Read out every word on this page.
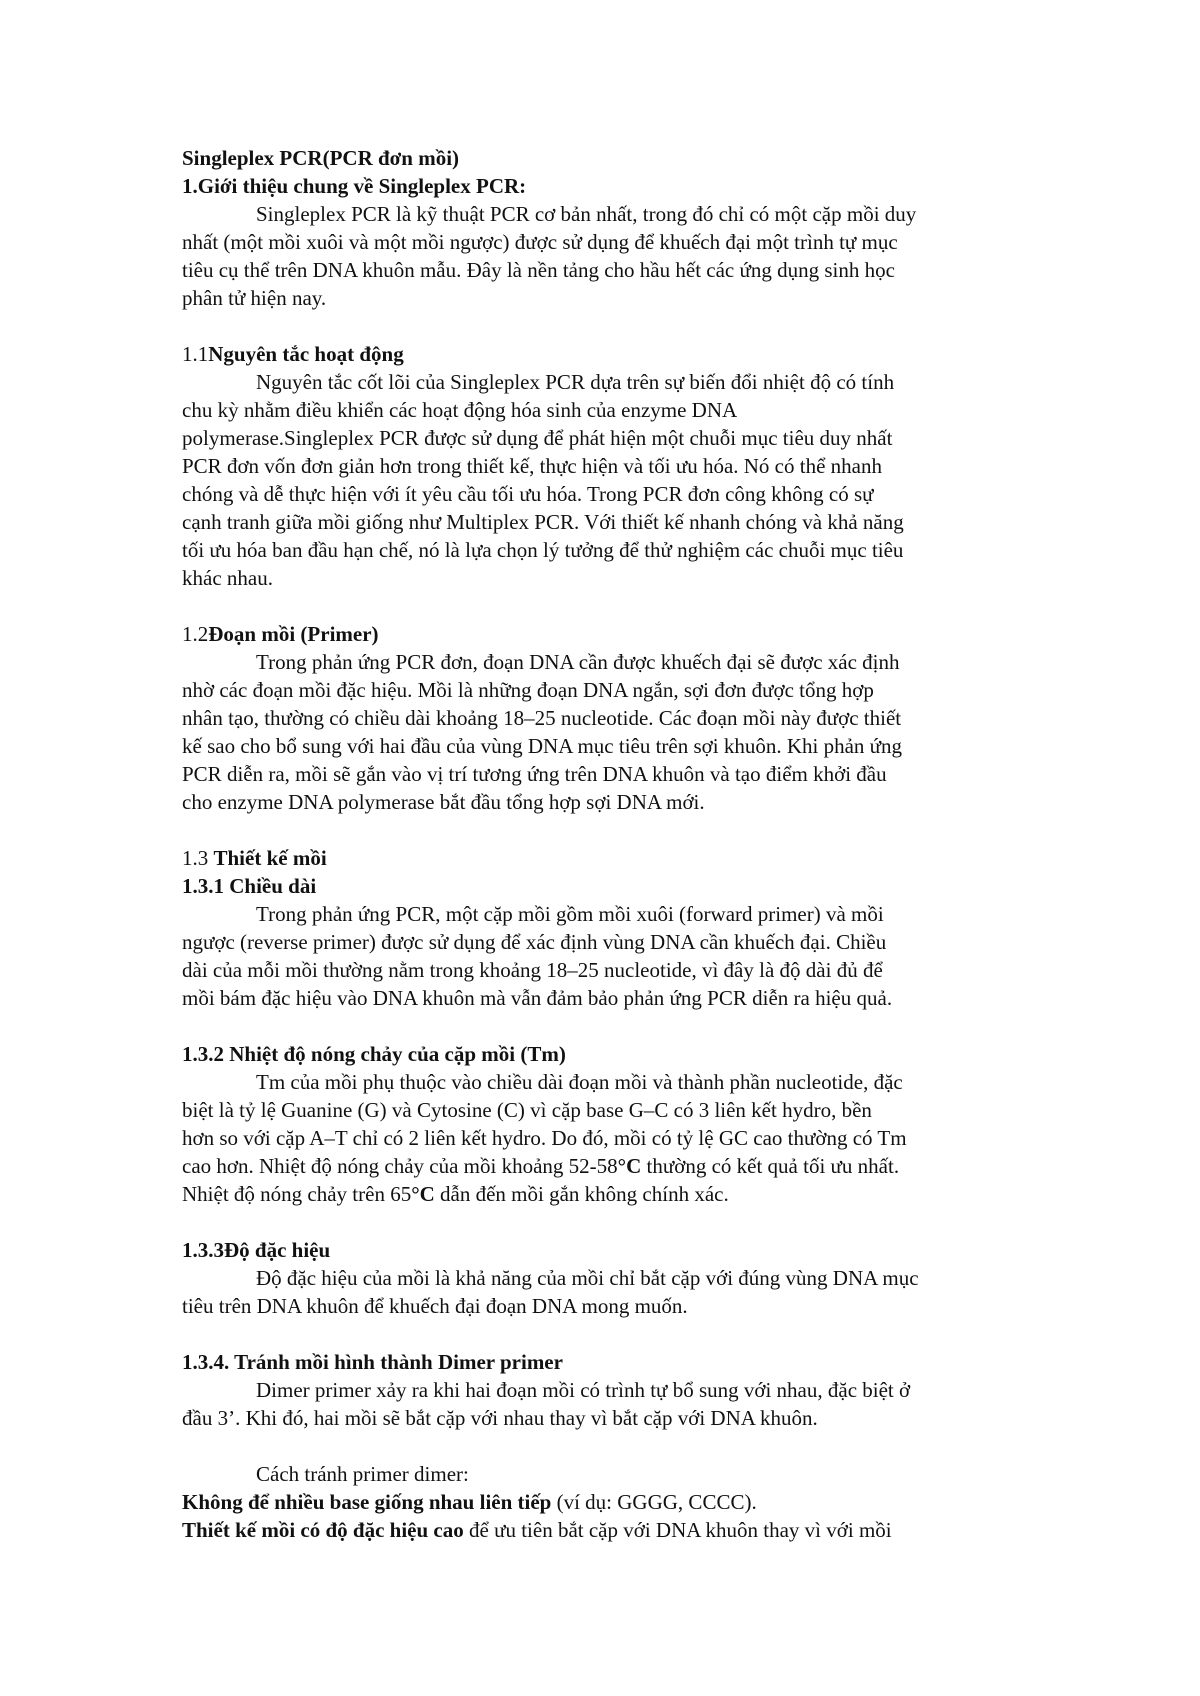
Singleplex PCR(PCR đơn mồi)
1.Giới thiệu chung về Singleplex PCR:
Singleplex PCR là kỹ thuật PCR cơ bản nhất, trong đó chỉ có một cặp mồi duy
nhất (một mồi xuôi và một mồi ngược) được sử dụng để khuếch đại một trình tự mục
tiêu cụ thể trên DNA khuôn mẫu. Đây là nền tảng cho hầu hết các ứng dụng sinh học
phân tử hiện nay.
1.1Nguyên tắc hoạt động
Nguyên tắc cốt lõi của Singleplex PCR dựa trên sự biến đổi nhiệt độ có tính
chu kỳ nhằm điều khiển các hoạt động hóa sinh của enzyme DNA
polymerase.Singleplex PCR được sử dụng để phát hiện một chuỗi mục tiêu duy nhất
PCR đơn vốn đơn giản hơn trong thiết kế, thực hiện và tối ưu hóa. Nó có thể nhanh
chóng và dễ thực hiện với ít yêu cầu tối ưu hóa. Trong PCR đơn công không có sự
cạnh tranh giữa mồi giống như Multiplex PCR. Với thiết kế nhanh chóng và khả năng
tối ưu hóa ban đầu hạn chế, nó là lựa chọn lý tưởng để thử nghiệm các chuỗi mục tiêu
khác nhau.
1.2Đoạn mồi (Primer)
Trong phản ứng PCR đơn, đoạn DNA cần được khuếch đại sẽ được xác định
nhờ các đoạn mồi đặc hiệu. Mồi là những đoạn DNA ngắn, sợi đơn được tổng hợp
nhân tạo, thường có chiều dài khoảng 18–25 nucleotide. Các đoạn mồi này được thiết
kế sao cho bổ sung với hai đầu của vùng DNA mục tiêu trên sợi khuôn. Khi phản ứng
PCR diễn ra, mồi sẽ gắn vào vị trí tương ứng trên DNA khuôn và tạo điểm khởi đầu
cho enzyme DNA polymerase bắt đầu tổng hợp sợi DNA mới.
1.3 Thiết kế mồi
1.3.1 Chiều dài
Trong phản ứng PCR, một cặp mồi gồm mồi xuôi (forward primer) và mồi
ngược (reverse primer) được sử dụng để xác định vùng DNA cần khuếch đại. Chiều
dài của mỗi mồi thường nằm trong khoảng 18–25 nucleotide, vì đây là độ dài đủ để
mồi bám đặc hiệu vào DNA khuôn mà vẫn đảm bảo phản ứng PCR diễn ra hiệu quả.
1.3.2 Nhiệt độ nóng chảy của cặp mồi (Tm)
Tm của mồi phụ thuộc vào chiều dài đoạn mồi và thành phần nucleotide, đặc
biệt là tỷ lệ Guanine (G) và Cytosine (C) vì cặp base G–C có 3 liên kết hydro, bền
hơn so với cặp A–T chỉ có 2 liên kết hydro. Do đó, mồi có tỷ lệ GC cao thường có Tm
cao hơn. Nhiệt độ nóng chảy của mồi khoảng 52-58°C thường có kết quả tối ưu nhất.
Nhiệt độ nóng chảy trên 65°C dẫn đến mồi gắn không chính xác.
1.3.3Độ đặc hiệu
Độ đặc hiệu của mồi là khả năng của mồi chỉ bắt cặp với đúng vùng DNA mục
tiêu trên DNA khuôn để khuếch đại đoạn DNA mong muốn.
1.3.4. Tránh mồi hình thành Dimer primer
Dimer primer xảy ra khi hai đoạn mồi có trình tự bổ sung với nhau, đặc biệt ở
đầu 3’. Khi đó, hai mồi sẽ bắt cặp với nhau thay vì bắt cặp với DNA khuôn.
Cách tránh primer dimer:
Không để nhiều base giống nhau liên tiếp (ví dụ: GGGG, CCCC).
Thiết kế mồi có độ đặc hiệu cao để ưu tiên bắt cặp với DNA khuôn thay vì với mồi
